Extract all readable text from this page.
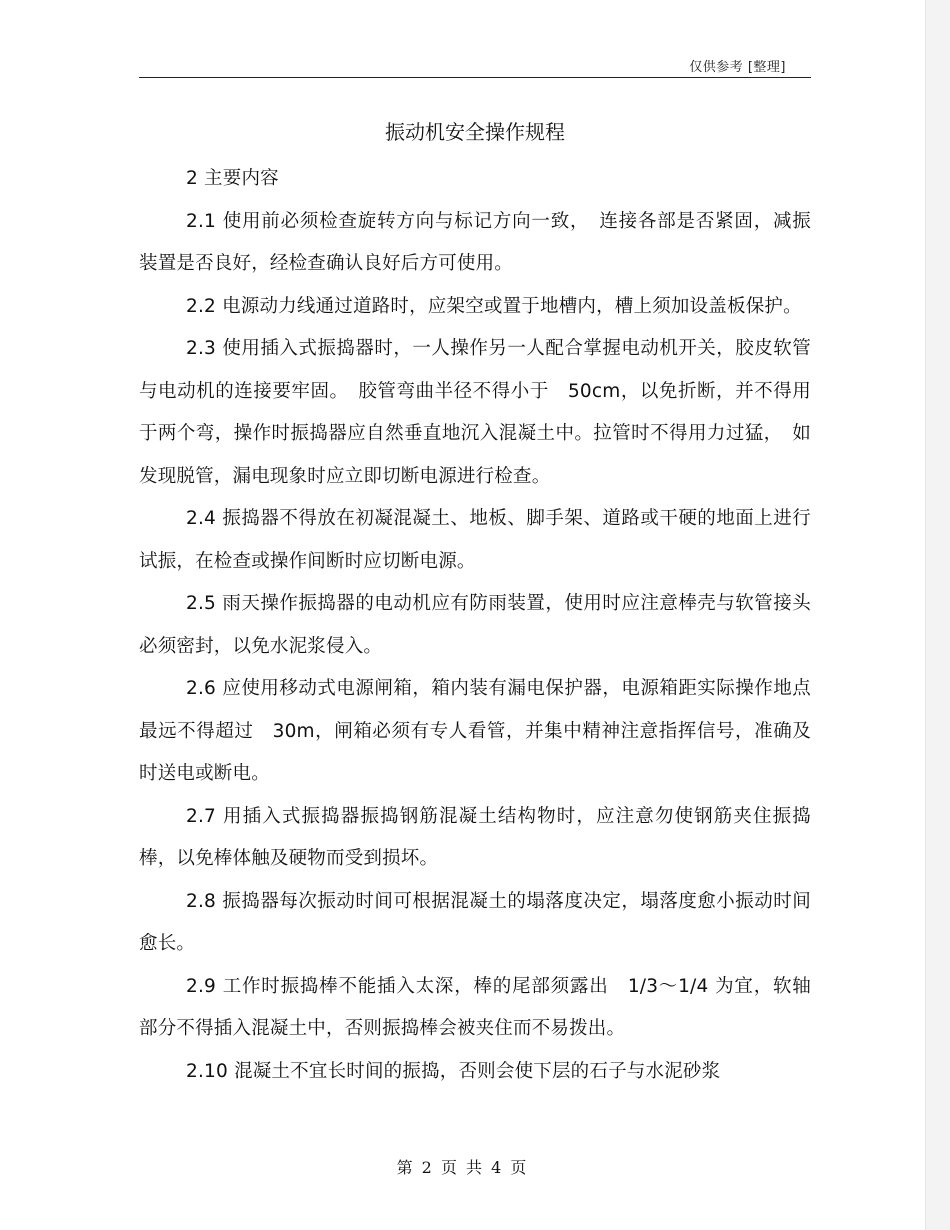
仅供参考 [整理]
振动机安全操作规程

2 主要内容

2.1 使用前必须检查旋转方向与标记方向一致，　连接各部是否紧固，减振装置是否良好，经检查确认良好后方可使用。

2.2 电源动力线通过道路时，应架空或置于地槽内，槽上须加设盖板保护。

2.3 使用插入式振捣器时，一人操作另一人配合掌握电动机开关，胶皮软管与电动机的连接要牢固。　胶管弯曲半径不得小于　50cm，以免折断，并不得用于两个弯，操作时振捣器应自然垂直地沉入混凝土中。拉管时不得用力过猛，　如发现脱管，漏电现象时应立即切断电源进行检查。

2.4 振捣器不得放在初凝混凝土、地板、脚手架、道路或干硬的地面上进行试振，在检查或操作间断时应切断电源。

2.5 雨天操作振捣器的电动机应有防雨装置，使用时应注意棒壳与软管接头必须密封，以免水泥浆侵入。

2.6 应使用移动式电源闸箱，箱内装有漏电保护器，电源箱距实际操作地点最远不得超过　30m，闸箱必须有专人看管，并集中精神注意指挥信号，准确及时送电或断电。

2.7 用插入式振捣器振捣钢筋混凝土结构物时，应注意勿使钢筋夹住振捣棒，以免棒体触及硬物而受到损坏。

2.8 振捣器每次振动时间可根据混凝土的塌落度决定，塌落度愈小振动时间愈长。

2.9 工作时振捣棒不能插入太深，棒的尾部须露出　1/3～1/4 为宜，软轴部分不得插入混凝土中，否则振捣棒会被夹住而不易拨出。

2.10 混凝土不宜长时间的振捣，否则会使下层的石子与水泥砂浆

第 2 页 共 4 页
